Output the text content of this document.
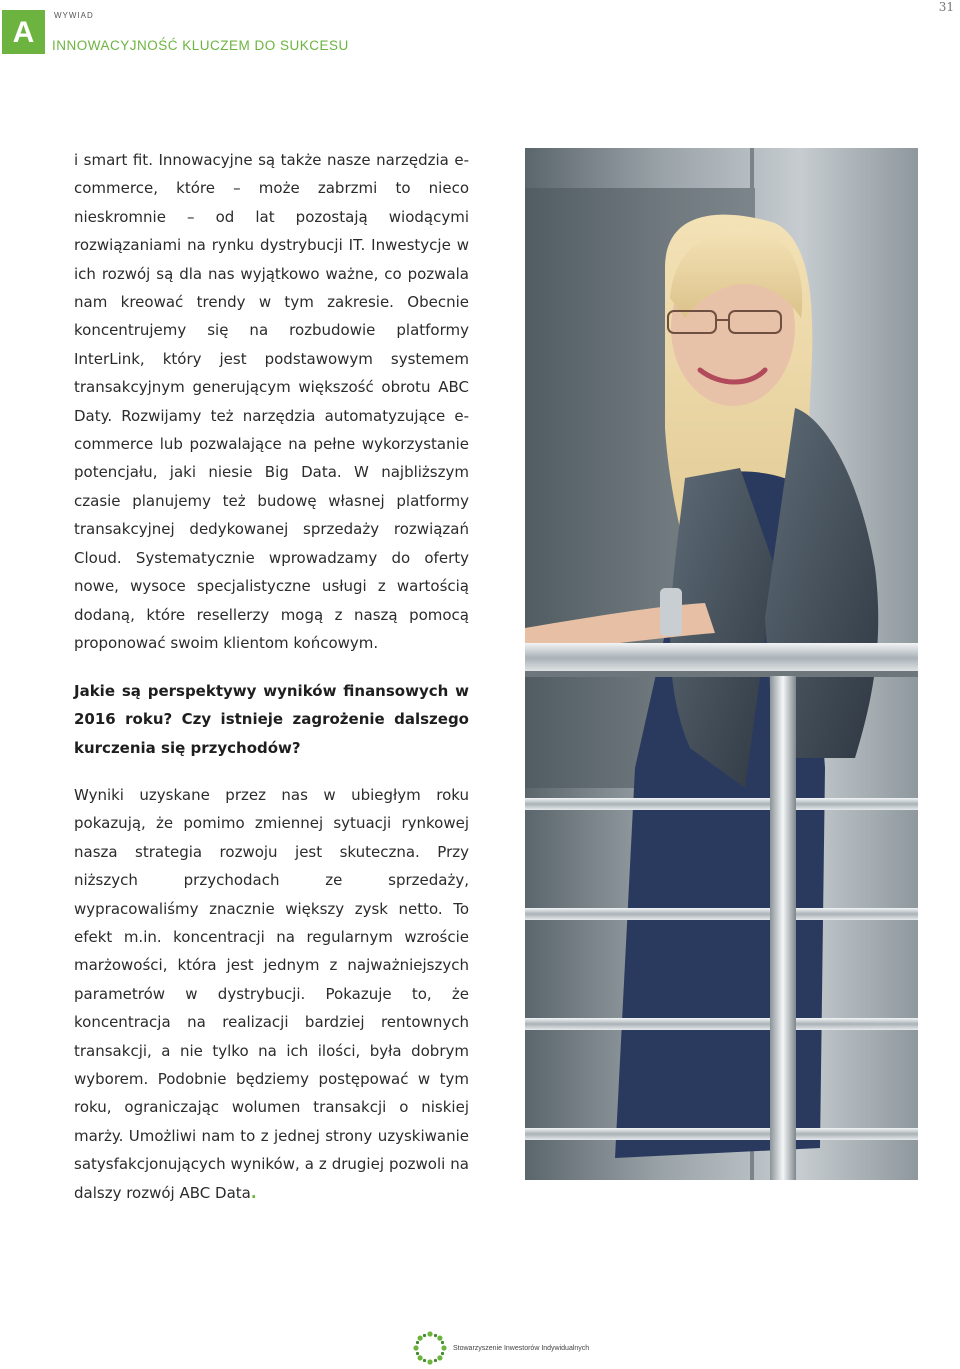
31
A
WYWIAD
INNOWACYJNOŚĆ KLUCZEM DO SUKCESU

i smart fit. Innowacyjne są także nasze narzędzia e-commerce, które – może zabrzmi to nieco nieskromnie – od lat pozostają wiodącymi rozwiązaniami na rynku dystrybucji IT. Inwestycje w ich rozwój są dla nas wyjątkowo ważne, co pozwala nam kreować trendy w tym zakresie. Obecnie koncentrujemy się na rozbudowie platformy InterLink, który jest podstawowym systemem transakcyjnym generującym większość obrotu ABC Daty. Rozwijamy też narzędzia automatyzujące e-commerce lub pozwalające na pełne wykorzystanie potencjału, jaki niesie Big Data. W najbliższym czasie planujemy też budowę własnej platformy transakcyjnej dedykowanej sprzedaży rozwiązań Cloud. Systematycznie wprowadzamy do oferty nowe, wysoce specjalistyczne usługi z wartością dodaną, które resellerzy mogą z naszą pomocą proponować swoim klientom końcowym.

Jakie są perspektywy wyników finansowych w 2016 roku? Czy istnieje zagrożenie dalszego kurczenia się przychodów?

Wyniki uzyskane przez nas w ubiegłym roku pokazują, że pomimo zmiennej sytuacji rynkowej nasza strategia rozwoju jest skuteczna. Przy niższych przychodach ze sprzedaży, wypracowaliśmy znacznie większy zysk netto. To efekt m.in. koncentracji na regularnym wzroście marżowości, która jest jednym z najważniejszych parametrów w dystrybucji. Pokazuje to, że koncentracja na realizacji bardziej rentownych transakcji, a nie tylko na ich ilości, była dobrym wyborem. Podobnie będziemy postępować w tym roku, ograniczając wolumen transakcji o niskiej marży. Umożliwi nam to z jednej strony uzyskiwanie satysfakcjonujących wyników, a z drugiej pozwoli na dalszy rozwój ABC Data.

Stowarzyszenie Inwestorów Indywidualnych
